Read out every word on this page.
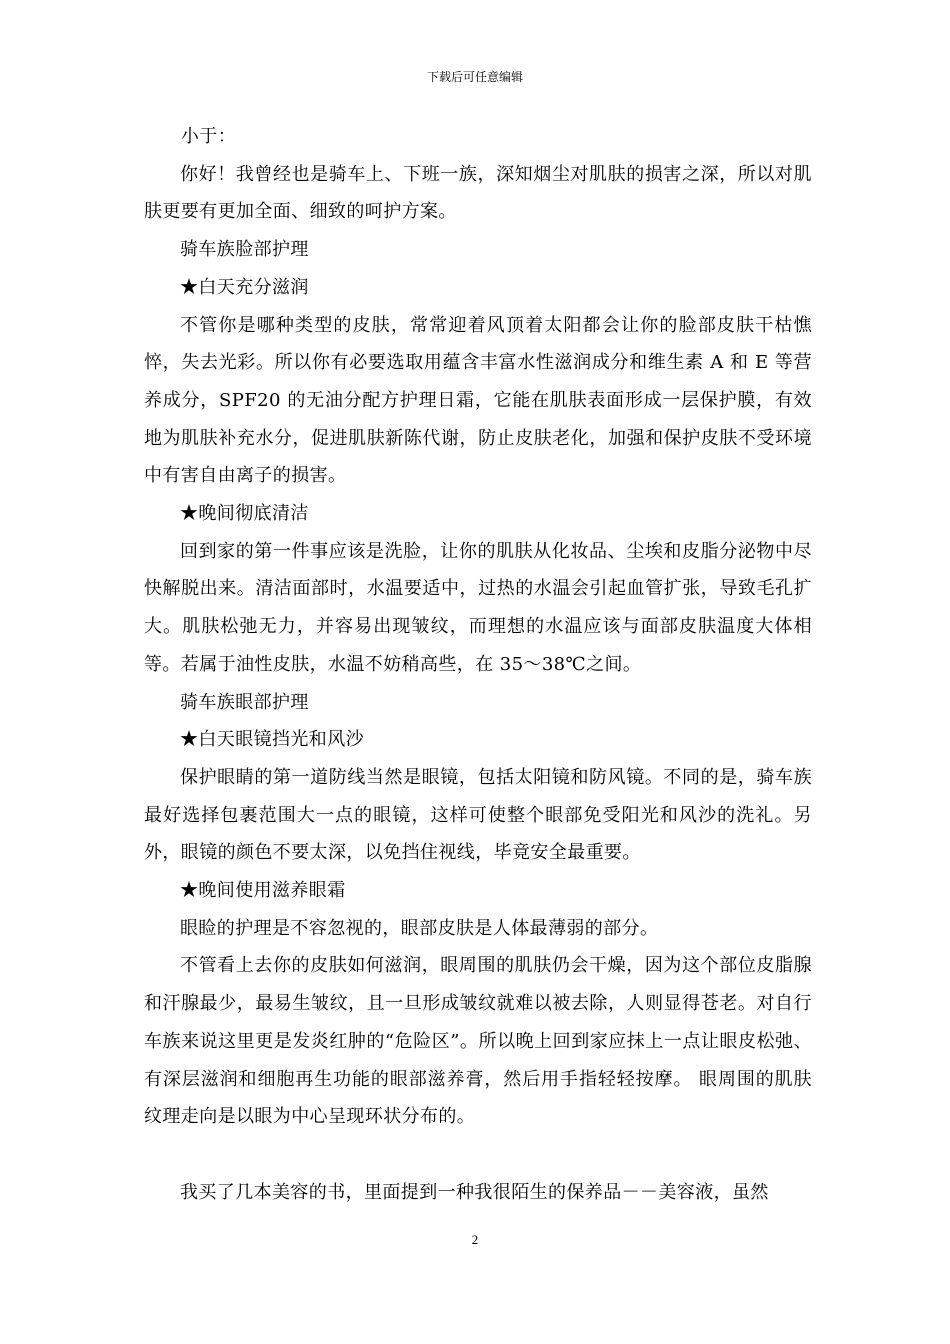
下载后可任意编辑

小于：

你好！我曾经也是骑车上、下班一族，深知烟尘对肌肤的损害之深，所以对肌肤更要有更加全面、细致的呵护方案。

骑车族脸部护理

★白天充分滋润

不管你是哪种类型的皮肤，常常迎着风顶着太阳都会让你的脸部皮肤干枯憔悴，失去光彩。所以你有必要选取用蕴含丰富水性滋润成分和维生素 A 和 E 等营养成分，SPF20 的无油分配方护理日霜，它能在肌肤表面形成一层保护膜，有效地为肌肤补充水分，促进肌肤新陈代谢，防止皮肤老化，加强和保护皮肤不受环境中有害自由离子的损害。

★晚间彻底清洁

回到家的第一件事应该是洗脸，让你的肌肤从化妆品、尘埃和皮脂分泌物中尽快解脱出来。清洁面部时，水温要适中，过热的水温会引起血管扩张，导致毛孔扩大。肌肤松弛无力，并容易出现皱纹，而理想的水温应该与面部皮肤温度大体相等。若属于油性皮肤，水温不妨稍高些，在 35～38℃之间。

骑车族眼部护理

★白天眼镜挡光和风沙

保护眼睛的第一道防线当然是眼镜，包括太阳镜和防风镜。不同的是，骑车族最好选择包裹范围大一点的眼镜，这样可使整个眼部免受阳光和风沙的洗礼。另外，眼镜的颜色不要太深，以免挡住视线，毕竟安全最重要。

★晚间使用滋养眼霜

眼睑的护理是不容忽视的，眼部皮肤是人体最薄弱的部分。

不管看上去你的皮肤如何滋润，眼周围的肌肤仍会干燥，因为这个部位皮脂腺和汗腺最少，最易生皱纹，且一旦形成皱纹就难以被去除，人则显得苍老。对自行车族来说这里更是发炎红肿的“危险区”。所以晚上回到家应抹上一点让眼皮松弛、有深层滋润和细胞再生功能的眼部滋养膏，然后用手指轻轻按摩。 眼周围的肌肤纹理走向是以眼为中心呈现环状分布的。

我买了几本美容的书，里面提到一种我很陌生的保养品－－美容液，虽然

2
